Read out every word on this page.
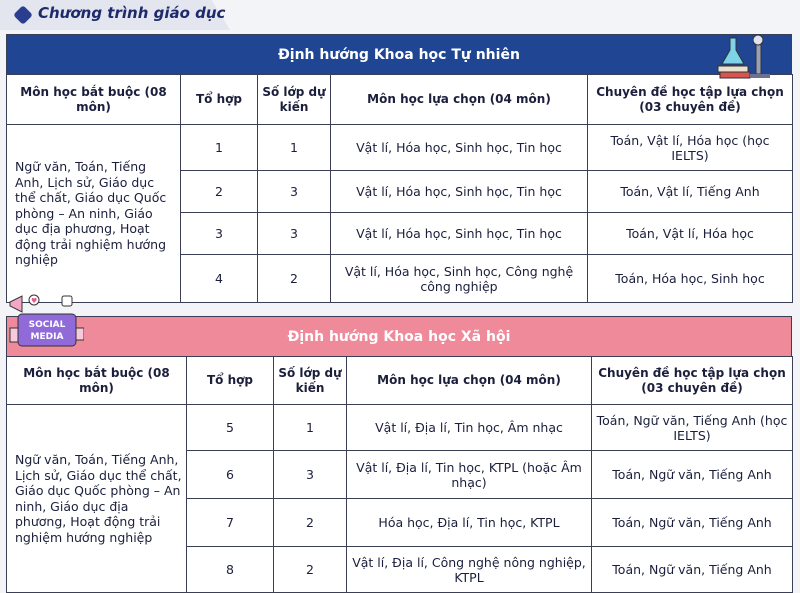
Chương trình giáo dục
Định hướng Khoa học Tự nhiên
Môn học bắt buộc (08 môn)	Tổ hợp	Số lớp dự kiến	Môn học lựa chọn (04 môn)	Chuyên đề học tập lựa chọn (03 chuyên đề)
Ngữ văn, Toán, Tiếng Anh, Lịch sử, Giáo dục thể chất, Giáo dục Quốc phòng – An ninh, Giáo dục địa phương, Hoạt động trải nghiệm hướng nghiệp	1	1	Vật lí, Hóa học, Sinh học, Tin học	Toán, Vật lí, Hóa học (học IELTS)
	2	3	Vật lí, Hóa học, Sinh học, Tin học	Toán, Vật lí, Tiếng Anh
	3	3	Vật lí, Hóa học, Sinh học, Tin học	Toán, Vật lí, Hóa học
	4	2	Vật lí, Hóa học, Sinh học, Công nghệ công nghiệp	Toán, Hóa học, Sinh học
Định hướng Khoa học Xã hội
Môn học bắt buộc (08 môn)	Tổ hợp	Số lớp dự kiến	Môn học lựa chọn (04 môn)	Chuyên đề học tập lựa chọn (03 chuyên đề)
Ngữ văn, Toán, Tiếng Anh, Lịch sử, Giáo dục thể chất, Giáo dục Quốc phòng – An ninh, Giáo dục địa phương, Hoạt động trải nghiệm hướng nghiệp	5	1	Vật lí, Địa lí, Tin học, Âm nhạc	Toán, Ngữ văn, Tiếng Anh (học IELTS)
	6	3	Vật lí, Địa lí, Tin học, KTPL (hoặc Âm nhạc)	Toán, Ngữ văn, Tiếng Anh
	7	2	Hóa học, Địa lí, Tin học, KTPL	Toán, Ngữ văn, Tiếng Anh
	8	2	Vật lí, Địa lí, Công nghệ nông nghiệp, KTPL	Toán, Ngữ văn, Tiếng Anh
♥
SOCIAL
MEDIA
